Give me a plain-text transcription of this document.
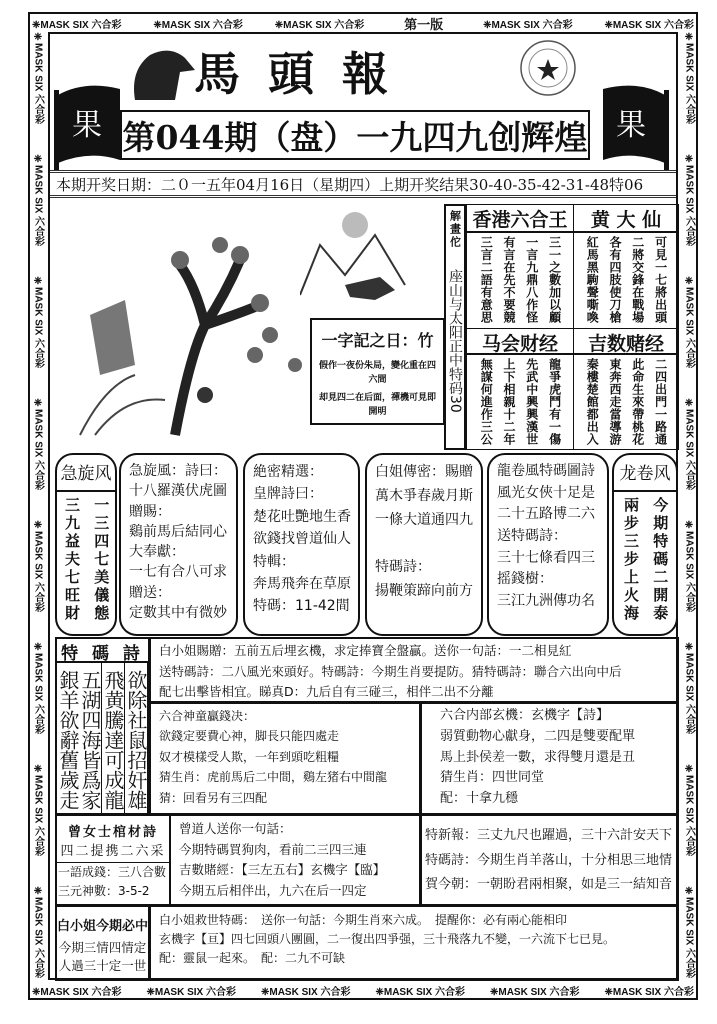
❈MASK SIX 六合彩	❈MASK SIX 六合彩	❈MASK SIX 六合彩	第一版	❈MASK SIX 六合彩	❈MASK SIX 六合彩
❈MASK SIX 六合彩	❈MASK SIX 六合彩	❈MASK SIX 六合彩	❈MASK SIX 六合彩	❈MASK SIX 六合彩	❈MASK SIX 六合彩
❈MASK SIX 六合彩
❈MASK SIX 六合彩
❈MASK SIX 六合彩
❈MASK SIX 六合彩
❈MASK SIX 六合彩
❈MASK SIX 六合彩
❈MASK SIX 六合彩
❈MASK SIX 六合彩
❈MASK SIX 六合彩
❈MASK SIX 六合彩
❈MASK SIX 六合彩
❈MASK SIX 六合彩
❈MASK SIX 六合彩
❈MASK SIX 六合彩
❈MASK SIX 六合彩
❈MASK SIX 六合彩
果	果
馬頭報
第044期（盘）一九四九创辉煌
本期开奖日期：二０一五年04月16日（星期四）上期开奖结果30-40-35-42-31-48特06
一字記之日：竹
假作一夜份朱局，變化重在四六間
却見四二在后面，禪機可見即開明
解畫佗
座山与太阳正中特码30
香港六合王
三一之數加以顧
一言九鼎八作怪
有言在先不要競
三言二語有意思
黄 大 仙
可見一七將出頭
二將交鋒在戰場
各有四肢使刀槍
紅馬黑駒聲嘶喚
马会财经
龍爭虎鬥有一傷
先武中興興漢世
上下相親十二年
無謀何進作三公
吉数赌经
二四出門一路通
此命生來帶桃花
東奔西走當導游
秦樓楚館都出入
急旋风
一三四七美儀態
三九益夫七旺財
急旋風：詩曰：
十八羅漢伏虎圖
贈賜：
鷄前馬后結同心
大奉獻：
一七有合八可求
贈送：
定數其中有微妙
絶密精選：
皇牌詩曰：
楚花吐艷地生香
欲錢找曾道仙人
特輯：
奔馬飛奔在草原
特碼：11-42間
白姐傳密：賜贈
萬木爭春歲月斯
一條大道通四九

特碼詩：
揚鞭策蹄向前方
龍卷風特碼圖詩
風光女俠十足是
二十五路博二六
送特碼詩：
三十七條看四三
摇錢樹：
三江九洲傳功名
龙卷风
今期特碼二開泰
兩步三步上火海
特 碼 詩
欲除社鼠招奸雄
飛黄騰達可成龍
五湖四海皆爲家
銀羊欲辭舊歲走
白小姐賜贈：五前五后埋玄機，求定捧寶全盤贏。送你一句話：一二相見紅
送特碼詩：二八風光來頭好。特碼詩：今期生肖要提防。猜特碼詩：聯合六出向中后
配七出擊皆相宜。睇真D：九后自有三碰三，相伴二出不分離
六合神童贏錢决：
欲錢定要費心神，脚長只能四處走
奴才模樣受人欺，一年到頭吃粗糧
猜生肖：虎前馬后二中間，鷄左猪右中間龍
猜：回看另有三四配
六合内部玄機：玄機字【詩】
弱質動物心獻身，二四是雙要配單
馬上卦侯差一數，求得雙月還是丑
猜生肖：四世同堂
配：十拿九穩
曾女士棺材詩
四二提携二六采
一語成錢：三八合數
三元神數：3-5-2
曾道人送你一句話：
今期特碼買狗肉，看前二三四三連
吉數賭經：【三左五右】玄機字【臨】
今期五后相伴出，九六在后一四定
特新報：三丈九尺也躍過，三十六計安天下
特碼詩：今期生肖羊落山，十分相思三地情
賀今朝：一朝盼君兩相聚，如是三一結知音
白小姐今期必中
今期三情四情定
人過三十定一世
白小姐救世特碼：　送你一句話：今期生肖來六成。　提醒你：必有兩心能相印
玄機字【亘】四七回頭八團圓，二一復出四爭强，三十飛落九不變，一六流下七已見。
配：靈鼠一起來。　配：二九不可缺
